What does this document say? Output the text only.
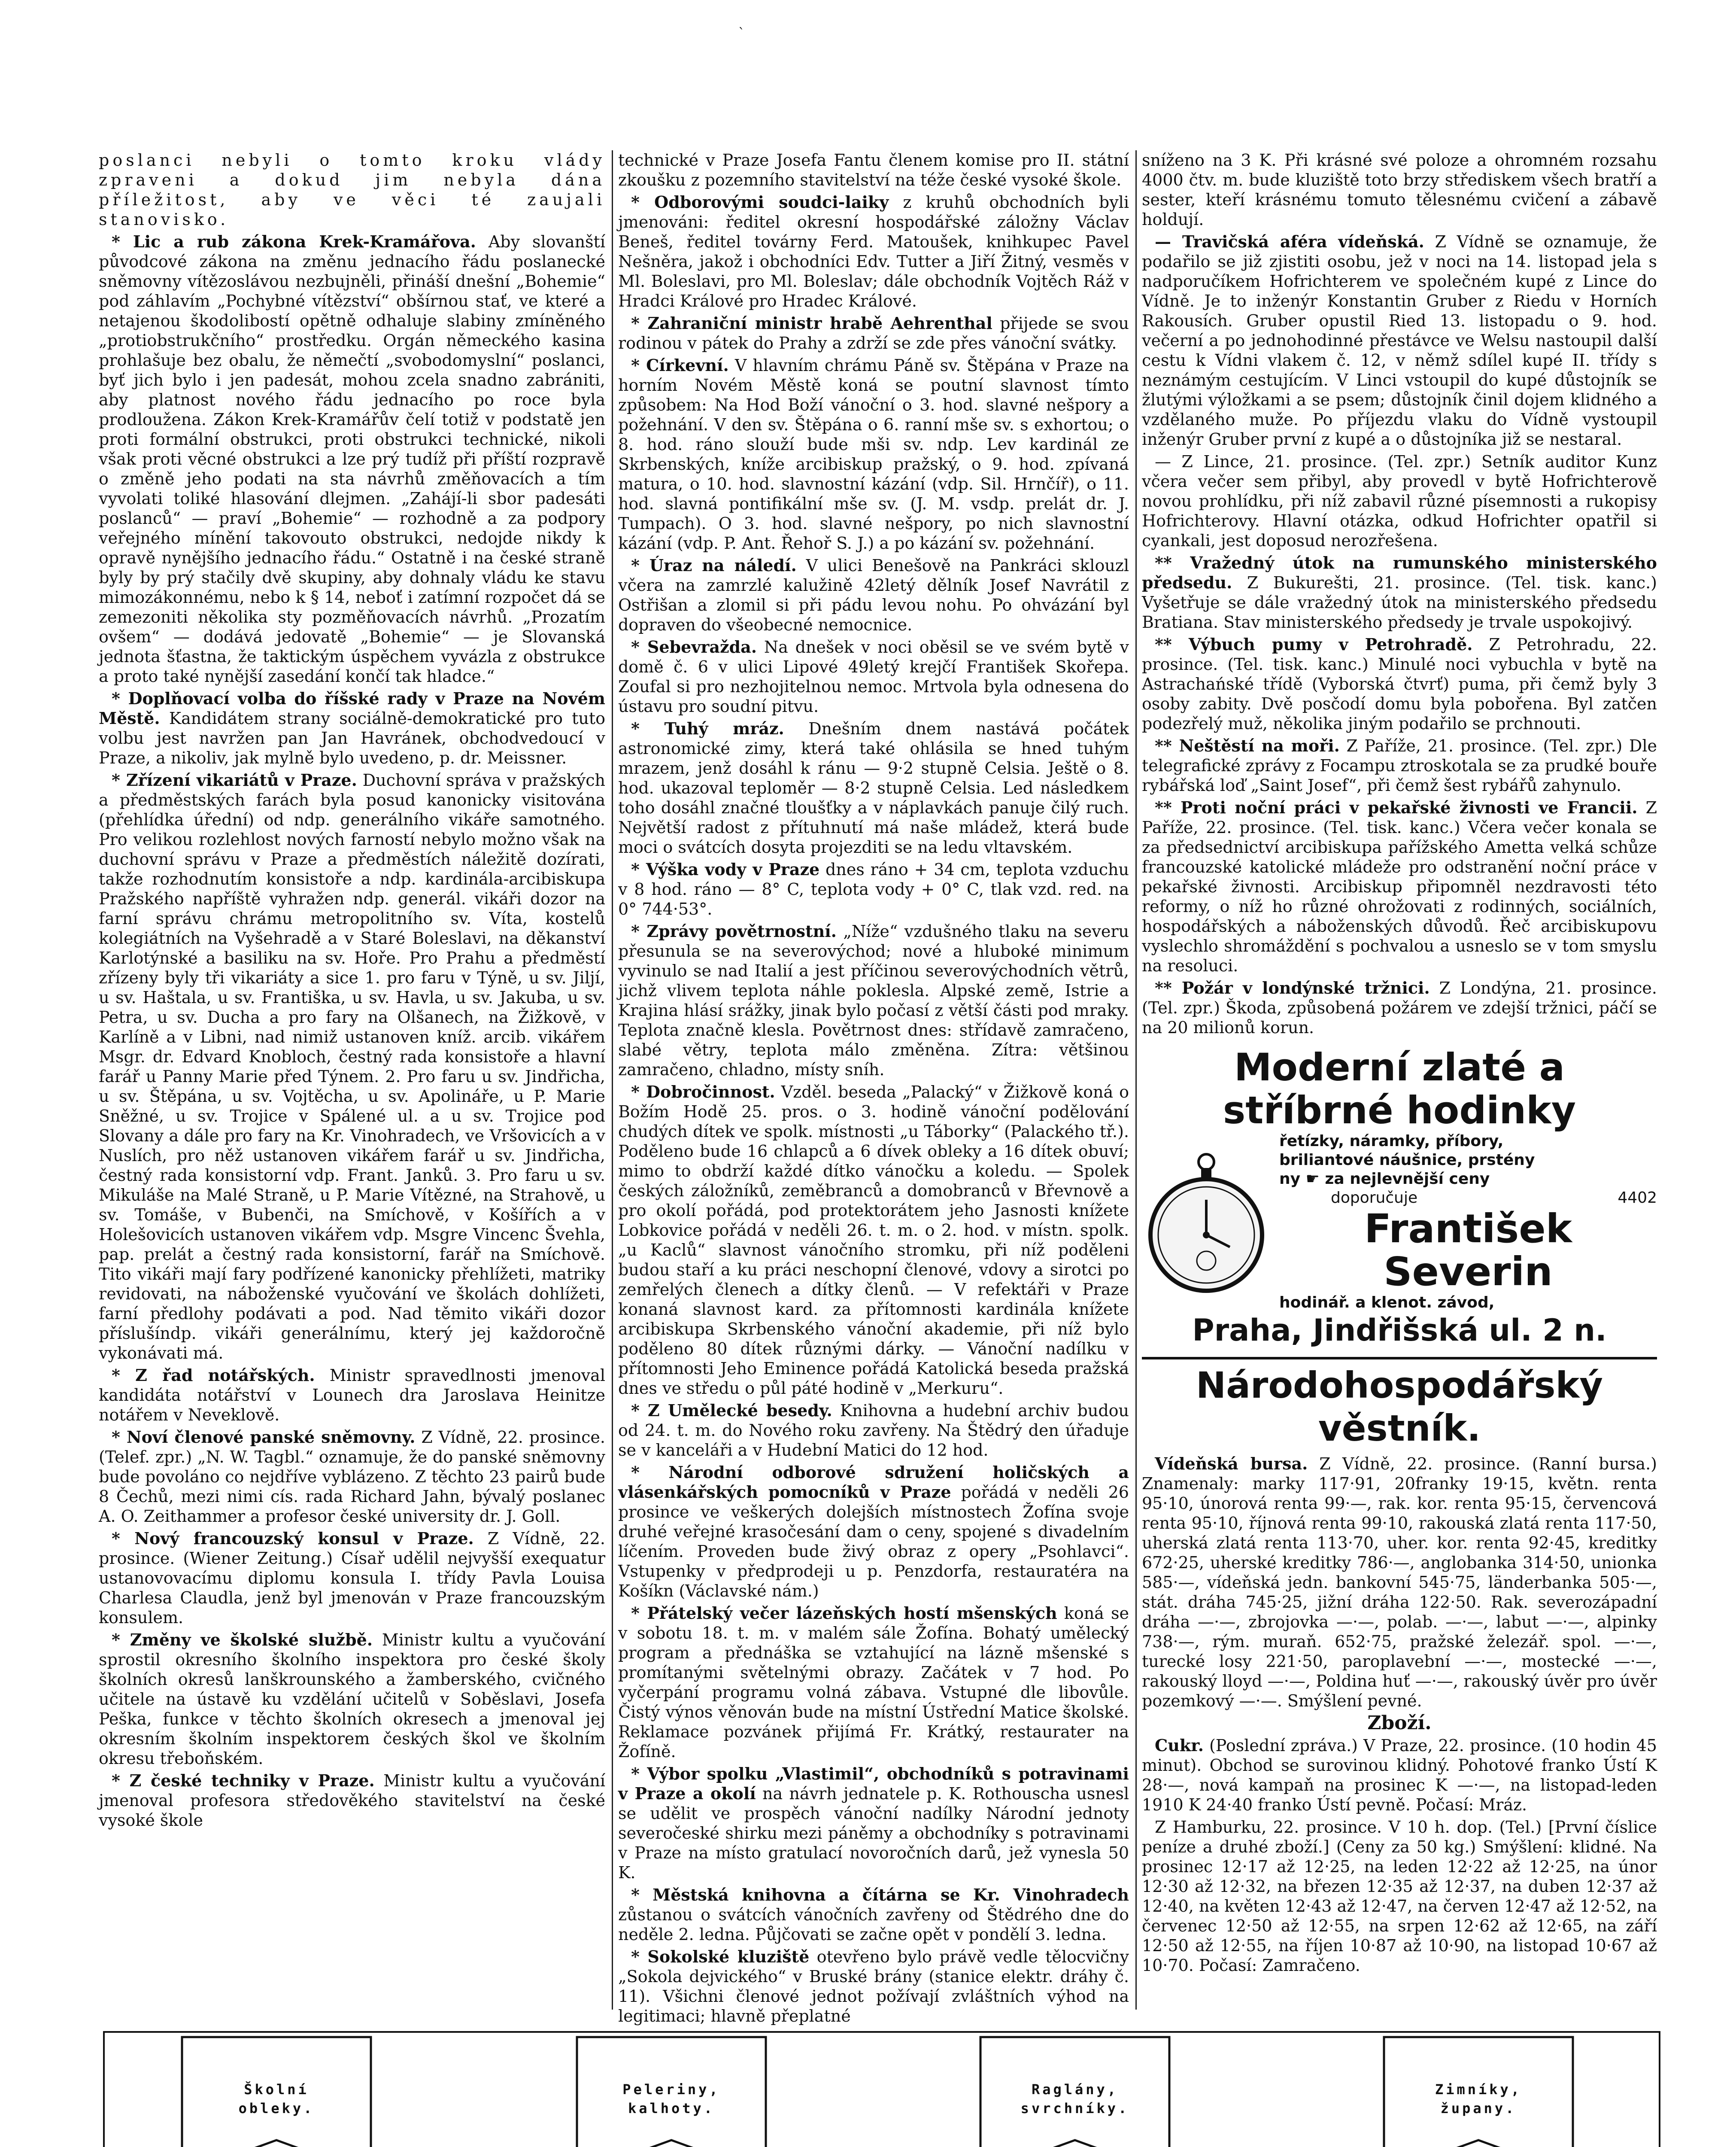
`

poslanci nebyli o tomto kroku vlády zpraveni a dokud jim nebyla dána příležitost, aby ve věci té zaujali stanovisko.

* Lic a rub zákona Krek-Kramářova. Aby slovanští původcové zákona na změnu jednacího řádu poslanecké sněmovny vítězoslávou nezbujněli, přináší dnešní „Bohemie“ pod záhlavím „Pochybné vítězství“ obšírnou stať, ve které a netajenou škodolibostí opětně odhaluje slabiny zmíněného „protiobstrukčního“ prostředku. Orgán německého kasina prohlašuje bez obalu, že němečtí „svobodomyslní“ poslanci, byť jich bylo i jen padesát, mohou zcela snadno zabrániti, aby platnost nového řádu jednacího po roce byla prodloužena. Zákon Krek-Kramářův čelí totiž v podstatě jen proti formální obstrukci, proti obstrukci technické, nikoli však proti věcné obstrukci a lze prý tudíž při příští rozpravě o změně jeho podati na sta návrhů změňovacích a tím vyvolati toliké hlasování dlejmen. „Zahájí-li sbor padesáti poslanců“ — praví „Bohemie“ — rozhodně a za podpory veřejného mínění takovouto obstrukci, nedojde nikdy k opravě nynějšího jednacího řádu.“ Ostatně i na české straně byly by prý stačily dvě skupiny, aby dohnaly vládu ke stavu mimozákonnému, nebo k § 14, neboť i zatímní rozpočet dá se zemezoniti několika sty pozměňovacích návrhů. „Prozatím ovšem“ — dodává jedovatě „Bohemie“ — je Slovanská jednota šťastna, že taktickým úspěchem vyvázla z obstrukce a proto také nynější zasedání končí tak hladce.“

* Doplňovací volba do říšské rady v Praze na Novém Městě. Kandidátem strany sociálně-demokratické pro tuto volbu jest navržen pan Jan Havránek, obchodvedoucí v Praze, a nikoliv, jak mylně bylo uvedeno, p. dr. Meissner.

* Zřízení vikariátů v Praze. Duchovní správa v pražských a předměstských farách byla posud kanonicky visitována (přehlídka úřední) od ndp. generálního vikáře samotného. Pro velikou rozlehlost nových farností nebylo možno však na duchovní správu v Praze a předměstích náležitě dozírati, takže rozhodnutím konsistoře a ndp. kardinála-arcibiskupa Pražského napříště vyhražen ndp. generál. vikáři dozor na farní správu chrámu metropolitního sv. Víta, kostelů kolegiátních na Vyšehradě a v Staré Boleslavi, na děkanství Karlotýnské a basiliku na sv. Hoře. Pro Prahu a předměstí zřízeny byly tři vikariáty a sice 1. pro faru v Týně, u sv. Jiljí, u sv. Haštala, u sv. Františka, u sv. Havla, u sv. Jakuba, u sv. Petra, u sv. Ducha a pro fary na Olšanech, na Žižkově, v Karlíně a v Libni, nad nimiž ustanoven kníž. arcib. vikářem Msgr. dr. Edvard Knobloch, čestný rada konsistoře a hlavní farář u Panny Marie před Týnem. 2. Pro faru u sv. Jindřicha, u sv. Štěpána, u sv. Vojtěcha, u sv. Apolináře, u P. Marie Sněžné, u sv. Trojice v Spálené ul. a u sv. Trojice pod Slovany a dále pro fary na Kr. Vinohradech, ve Vršovicích a v Nuslích, pro něž ustanoven vikářem farář u sv. Jindřicha, čestný rada konsistorní vdp. Frant. Janků. 3. Pro faru u sv. Mikuláše na Malé Straně, u P. Marie Vítězné, na Strahově, u sv. Tomáše, v Bubenči, na Smíchově, v Košířích a v Holešovicích ustanoven vikářem vdp. Msgre Vincenc Švehla, pap. prelát a čestný rada konsistorní, farář na Smíchově. Tito vikáři mají fary podřízené kanonicky přehlížeti, matriky revidovati, na náboženské vyučování ve školách dohlížeti, farní předlohy podávati a pod. Nad těmito vikáři dozor příslušíndp. vikáři generálnímu, který jej každoročně vykonávati má.

* Z řad notářských. Ministr spravedlnosti jmenoval kandidáta notářství v Lounech dra Jaroslava Heinitze notářem v Neveklově.

* Noví členové panské sněmovny. Z Vídně, 22. prosince. (Telef. zpr.) „N. W. Tagbl.“ oznamuje, že do panské sněmovny bude povoláno co nejdříve vyblázeno. Z těchto 23 pairů bude 8 Čechů, mezi nimi cís. rada Richard Jahn, bývalý poslanec A. O. Zeithammer a profesor české university dr. J. Goll.

* Nový francouzský konsul v Praze. Z Vídně, 22. prosince. (Wiener Zeitung.) Císař udělil nejvyšší exequatur ustanovovacímu diplomu konsula I. třídy Pavla Louisa Charlesa Claudla, jenž byl jmenován v Praze francouzským konsulem.

* Změny ve školské službě. Ministr kultu a vyučování sprostil okresního školního inspektora pro české školy školních okresů lanškrounského a žamberského, cvičného učitele na ústavě ku vzdělání učitelů v Soběslavi, Josefa Peška, funkce v těchto školních okresech a jmenoval jej okresním školním inspektorem českých škol ve školním okresu třeboňském.

* Z české techniky v Praze. Ministr kultu a vyučování jmenoval profesora středověkého stavitelství na české vysoké škole

technické v Praze Josefa Fantu členem komise pro II. státní zkoušku z pozemního stavitelství na téže české vysoké škole.

* Odborovými soudci-laiky z kruhů obchodních byli jmenováni: ředitel okresní hospodářské záložny Václav Beneš, ředitel továrny Ferd. Matoušek, knihkupec Pavel Nešněra, jakož i obchodníci Edv. Tutter a Jiří Žitný, vesměs v Ml. Boleslavi, pro Ml. Boleslav; dále obchodník Vojtěch Ráž v Hradci Králové pro Hradec Králové.

* Zahraniční ministr hrabě Aehrenthal přijede se svou rodinou v pátek do Prahy a zdrží se zde přes vánoční svátky.

* Církevní. V hlavním chrámu Páně sv. Štěpána v Praze na horním Novém Městě koná se poutní slavnost tímto způsobem: Na Hod Boží vánoční o 3. hod. slavné nešpory a požehnání. V den sv. Štěpána o 6. ranní mše sv. s exhortou; o 8. hod. ráno slouží bude mši sv. ndp. Lev kardinál ze Skrbenských, kníže arcibiskup pražský, o 9. hod. zpívaná matura, o 10. hod. slavnostní kázání (vdp. Sil. Hrnčíř), o 11. hod. slavná pontifikální mše sv. (J. M. vsdp. prelát dr. J. Tumpach). O 3. hod. slavné nešpory, po nich slavnostní kázání (vdp. P. Ant. Řehoř S. J.) a po kázání sv. požehnání.

* Úraz na náledí. V ulici Benešově na Pankráci sklouzl včera na zamrzlé kalužině 42letý dělník Josef Navrátil z Ostřišan a zlomil si při pádu levou nohu. Po ohvázání byl dopraven do všeobecné nemocnice.

* Sebevražda. Na dnešek v noci oběsil se ve svém bytě v domě č. 6 v ulici Lipové 49letý krejčí František Skořepa. Zoufal si pro nezhojitelnou nemoc. Mrtvola byla odnesena do ústavu pro soudní pitvu.

* Tuhý mráz. Dnešním dnem nastává počátek astronomické zimy, která také ohlásila se hned tuhým mrazem, jenž dosáhl k ránu — 9·2 stupně Celsia. Ještě o 8. hod. ukazoval teploměr — 8·2 stupně Celsia. Led následkem toho dosáhl značné tloušťky a v náplavkách panuje čilý ruch. Největší radost z přítuhnutí má naše mládež, která bude moci o svátcích dosyta projezditi se na ledu vltavském.

* Výška vody v Praze dnes ráno + 34 cm, teplota vzduchu v 8 hod. ráno — 8° C, teplota vody + 0° C, tlak vzd. red. na 0° 744·53°.

* Zprávy povětrnostní. „Níže“ vzdušného tlaku na severu přesunula se na severovýchod; nové a hluboké minimum vyvinulo se nad Italií a jest příčinou severovýchodních větrů, jichž vlivem teplota náhle poklesla. Alpské země, Istrie a Krajina hlásí srážky, jinak bylo počasí z větší části pod mraky. Teplota značně klesla. Povětrnost dnes: střídavě zamračeno, slabé větry, teplota málo změněna. Zítra: většinou zamračeno, chladno, místy sníh.

* Dobročinnost. Vzděl. beseda „Palacký“ v Žižkově koná o Božím Hodě 25. pros. o 3. hodině vánoční podělování chudých dítek ve spolk. místnosti „u Táborky“ (Palackého tř.). Poděleno bude 16 chlapců a 6 dívek obleky a 16 dítek obuví; mimo to obdrží každé dítko vánočku a koledu. — Spolek českých záložníků, zeměbranců a domobranců v Břevnově a pro okolí pořádá, pod protektorátem jeho Jasnosti knížete Lobkovice pořádá v neděli 26. t. m. o 2. hod. v místn. spolk. „u Kaclů“ slavnost vánočního stromku, při níž poděleni budou staří a ku práci neschopní členové, vdovy a sirotci po zemřelých členech a dítky členů. — V refektáři v Praze konaná slavnost kard. za přítomnosti kardinála knížete arcibiskupa Skrbenského vánoční akademie, při níž bylo poděleno 80 dítek různými dárky. — Vánoční nadílku v přítomnosti Jeho Eminence pořádá Katolická beseda pražská dnes ve středu o půl páté hodině v „Merkuru“.

* Z Umělecké besedy. Knihovna a hudební archiv budou od 24. t. m. do Nového roku zavřeny. Na Štědrý den úřaduje se v kanceláři a v Hudební Matici do 12 hod.

* Národní odborové sdružení holičských a vlásenkářských pomocníků v Praze pořádá v neděli 26 prosince ve veškerých dolejších místnostech Žofína svoje druhé veřejné krasočesání dam o ceny, spojené s divadelním líčením. Proveden bude živý obraz z opery „Psohlavci“. Vstupenky v předprodeji u p. Penzdorfa, restauratéra na Košíkn (Václavské nám.)

* Přátelský večer lázeňských hostí mšenských koná se v sobotu 18. t. m. v malém sále Žofína. Bohatý umělecký program a přednáška se vztahující na lázně mšenské s promítanými světelnými obrazy. Začátek v 7 hod. Po vyčerpání programu volná zábava. Vstupné dle libovůle. Čistý výnos věnován bude na místní Ústřední Matice školské. Reklamace pozvánek přijímá Fr. Krátký, restaurater na Žofíně.

* Výbor spolku „Vlastimil“, obchodníků s potravinami v Praze a okolí na návrh jednatele p. K. Rothouscha usnesl se udělit ve prospěch vánoční nadílky Národní jednoty severočeské shirku mezi páněmy a obchodníky s potravinami v Praze na místo gratulací novoročních darů, jež vynesla 50 K.

* Městská knihovna a čítárna se Kr. Vinohradech zůstanou o svátcích vánočních zavřeny od Štědrého dne do neděle 2. ledna. Půjčovati se začne opět v pondělí 3. ledna.

* Sokolské kluziště otevřeno bylo právě vedle tělocvičny „Sokola dejvického“ v Bruské brány (stanice elektr. dráhy č. 11). Všichni členové jednot požívají zvláštních výhod na legitimaci; hlavně přeplatné

sníženo na 3 K. Při krásné své poloze a ohromném rozsahu 4000 čtv. m. bude kluziště toto brzy střediskem všech bratří a sester, kteří krásnému tomuto tělesnému cvičení a zábavě holdují.

— Travičská aféra vídeňská. Z Vídně se oznamuje, že podařilo se již zjistiti osobu, jež v noci na 14. listopad jela s nadporučíkem Hofrichterem ve společném kupé z Lince do Vídně. Je to inženýr Konstantin Gruber z Riedu v Horních Rakousích. Gruber opustil Ried 13. listopadu o 9. hod. večerní a po jednohodinné přestávce ve Welsu nastoupil další cestu k Vídni vlakem č. 12, v němž sdílel kupé II. třídy s neznámým cestujícím. V Linci vstoupil do kupé důstojník se žlutými výložkami a se psem; důstojník činil dojem klidného a vzdělaného muže. Po příjezdu vlaku do Vídně vystoupil inženýr Gruber první z kupé a o důstojníka již se nestaral.

— Z Lince, 21. prosince. (Tel. zpr.) Setník auditor Kunz včera večer sem přibyl, aby provedl v bytě Hofrichterově novou prohlídku, při níž zabavil různé písemnosti a rukopisy Hofrichterovy. Hlavní otázka, odkud Hofrichter opatřil si cyankali, jest doposud nerozřešena.

** Vražedný útok na rumunského ministerského předsedu. Z Bukurešti, 21. prosince. (Tel. tisk. kanc.) Vyšetřuje se dále vražedný útok na ministerského předsedu Bratiana. Stav ministerského předsedy je trvale uspokojivý.

** Výbuch pumy v Petrohradě. Z Petrohradu, 22. prosince. (Tel. tisk. kanc.) Minulé noci vybuchla v bytě na Astrachańské třídě (Vyborská čtvrť) puma, při čemž byly 3 osoby zabity. Dvě posčodí domu byla pobořena. Byl zatčen podezřelý muž, několika jiným podařilo se prchnouti.

** Neštěstí na moři. Z Paříže, 21. prosince. (Tel. zpr.) Dle telegrafické zprávy z Focampu ztroskotala se za prudké bouře rybářská loď „Saint Josef“, při čemž šest rybářů zahynulo.

** Proti noční práci v pekařské živnosti ve Francii. Z Paříže, 22. prosince. (Tel. tisk. kanc.) Včera večer konala se za předsednictví arcibiskupa pařížského Ametta velká schůze francouzské katolické mládeže pro odstranění noční práce v pekařské živnosti. Arcibiskup připomněl nezdravosti této reformy, o níž ho různé ohrožovati z rodinných, sociálních, hospodářských a náboženských důvodů. Řeč arcibiskupovu vyslechlo shromáždění s pochvalou a usneslo se v tom smyslu na resoluci.

** Požár v londýnské tržnici. Z Londýna, 21. prosince. (Tel. zpr.) Škoda, způsobená požárem ve zdejší tržnici, páčí se na 20 milionů korun.

Moderní zlaté a
stříbrné hodinky
řetízky, náramky, příbory,
briliantové náušnice, prstény
ny ☛ za nejlevnější ceny
doporučuje	4402
František Severin
hodinář. a klenot. závod,
Praha, Jindřišská ul. 2 n.
Národohospodářský věstník.

Vídeňská bursa. Z Vídně, 22. prosince. (Ranní bursa.) Znamenaly: marky 117·91, 20franky 19·15, květn. renta 95·10, únorová renta 99·—, rak. kor. renta 95·15, červencová renta 95·10, říjnová renta 99·10, rakouská zlatá renta 117·50, uherská zlatá renta 113·70, uher. kor. renta 92·45, kreditky 672·25, uherské kreditky 786·—, anglobanka 314·50, unionka 585·—, vídeňská jedn. bankovní 545·75, länderbanka 505·—, stát. dráha 745·25, jižní dráha 122·50. Rak. severozápadní dráha —·—, zbrojovka —·—, polab. —·—, labut —·—, alpinky 738·—, rým. muraň. 652·75, pražské železář. spol. —·—, turecké losy 221·50, paroplavební —·—, mostecké —·—, rakouský lloyd —·—, Poldina huť —·—, rakouský úvěr pro úvěr pozemkový —·—. Smýšlení pevné.

Zboží.

Cukr. (Poslední zpráva.) V Praze, 22. prosince. (10 hodin 45 minut). Obchod se surovinou klidný. Pohotové franko Ústí K 28·—, nová kampaň na prosinec K —·—, na listopad-leden 1910 K 24·40 franko Ústí pevně. Počasí: Mráz.

Z Hamburku, 22. prosince. V 10 h. dop. (Tel.) [První číslice peníze a druhé zboží.] (Ceny za 50 kg.) Smýšlení: klidné. Na prosinec 12·17 až 12·25, na leden 12·22 až 12·25, na únor 12·30 až 12·32, na březen 12·35 až 12·37, na duben 12·37 až 12·40, na květen 12·43 až 12·47, na červen 12·47 až 12·52, na červenec 12·50 až 12·55, na srpen 12·62 až 12·65, na září 12·50 až 12·55, na říjen 10·87 až 10·90, na listopad 10·67 až 10·70. Počasí: Zamračeno.

Školní
obleky.
Peleriny,
kalhoty.
Raglány,
svrchníky.
Zimníky,
župany.
